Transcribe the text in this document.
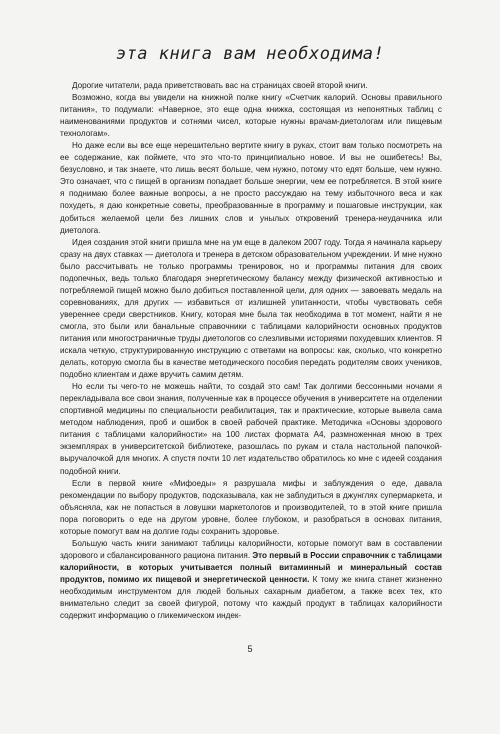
эта книга вам необходима!

Дорогие читатели, рада приветствовать вас на страницах своей второй книги.

Возможно, когда вы увидели на книжной полке книгу «Счетчик калорий. Основы правильного питания», то подумали: «Наверное, это еще одна книжка, состоящая из непонятных таблиц с наименованиями продуктов и сотнями чисел, которые нужны врачам-диетологам или пищевым технологам».

Но даже если вы все еще нерешительно вертите книгу в руках, стоит вам только посмотреть на ее содержание, как поймете, что это что-то принципиально новое. И вы не ошибетесь! Вы, безусловно, и так знаете, что лишь весят больше, чем нужно, потому что едят больше, чем нужно. Это означает, что с пищей в организм попадает больше энергии, чем ее потребляется. В этой книге я поднимаю более важные вопросы, а не просто рассуждаю на тему избыточного веса и как похудеть, я даю конкретные советы, преобразованные в программу и пошаговые инструкции, как добиться желаемой цели без лишних слов и унылых откровений тренера-неудачника или диетолога.

Идея создания этой книги пришла мне на ум еще в далеком 2007 году. Тогда я начинала карьеру сразу на двух ставках — диетолога и тренера в детском образовательном учреждении. И мне нужно было рассчитывать не только программы тренировок, но и программы питания для своих подопечных, ведь только благодаря энергетическому балансу между физической активностью и потребляемой пищей можно было добиться поставленной цели, для одних — завоевать медаль на соревнованиях, для других — избавиться от излишней упитанности, чтобы чувствовать себя увереннее среди сверстников. Книгу, которая мне была так необходима в тот момент, найти я не смогла, это были или банальные справочники с таблицами калорийности основных продуктов питания или многостраничные труды диетологов со слезливыми историями похудевших клиентов. Я искала четкую, структурированную инструкцию с ответами на вопросы: как, сколько, что конкретно делать, которую смогла бы в качестве методического пособия передать родителям своих учеников, подобно клиентам и даже вручить самим детям.

Но если ты чего-то не можешь найти, то создай это сам! Так долгими бессонными ночами я перекладывала все свои знания, полученные как в процессе обучения в университете на отделении спортивной медицины по специальности реабилитация, так и практические, которые вывела сама методом наблюдения, проб и ошибок в своей рабочей практике. Методичка «Основы здорового питания с таблицами калорийности» на 100 листах формата А4, размноженная мною в трех экземплярах в университетской библиотеке, разошлась по рукам и стала настольной папочкой-выручалочкой для многих. А спустя почти 10 лет издательство обратилось ко мне с идеей создания подобной книги.

Если в первой книге «Мифоеды» я разрушала мифы и заблуждения о еде, давала рекомендации по выбору продуктов, подсказывала, как не заблудиться в джунглях супермаркета, и объясняла, как не попасться в ловушки маркетологов и производителей, то в этой книге пришла пора поговорить о еде на другом уровне, более глубоком, и разобраться в основах питания, которые помогут вам на долгие годы сохранить здоровье.

Большую часть книги занимают таблицы калорийности, которые помогут вам в составлении здорового и сбалансированного рациона питания. Это первый в России справочник с таблицами калорийности, в которых учитывается полный витаминный и минеральный состав продуктов, помимо их пищевой и энергетической ценности. К тому же книга станет жизненно необходимым инструментом для людей больных сахарным диабетом, а также всех тех, кто внимательно следит за своей фигурой, потому что каждый продукт в таблицах калорийности содержит информацию о гликемическом индек-

5
